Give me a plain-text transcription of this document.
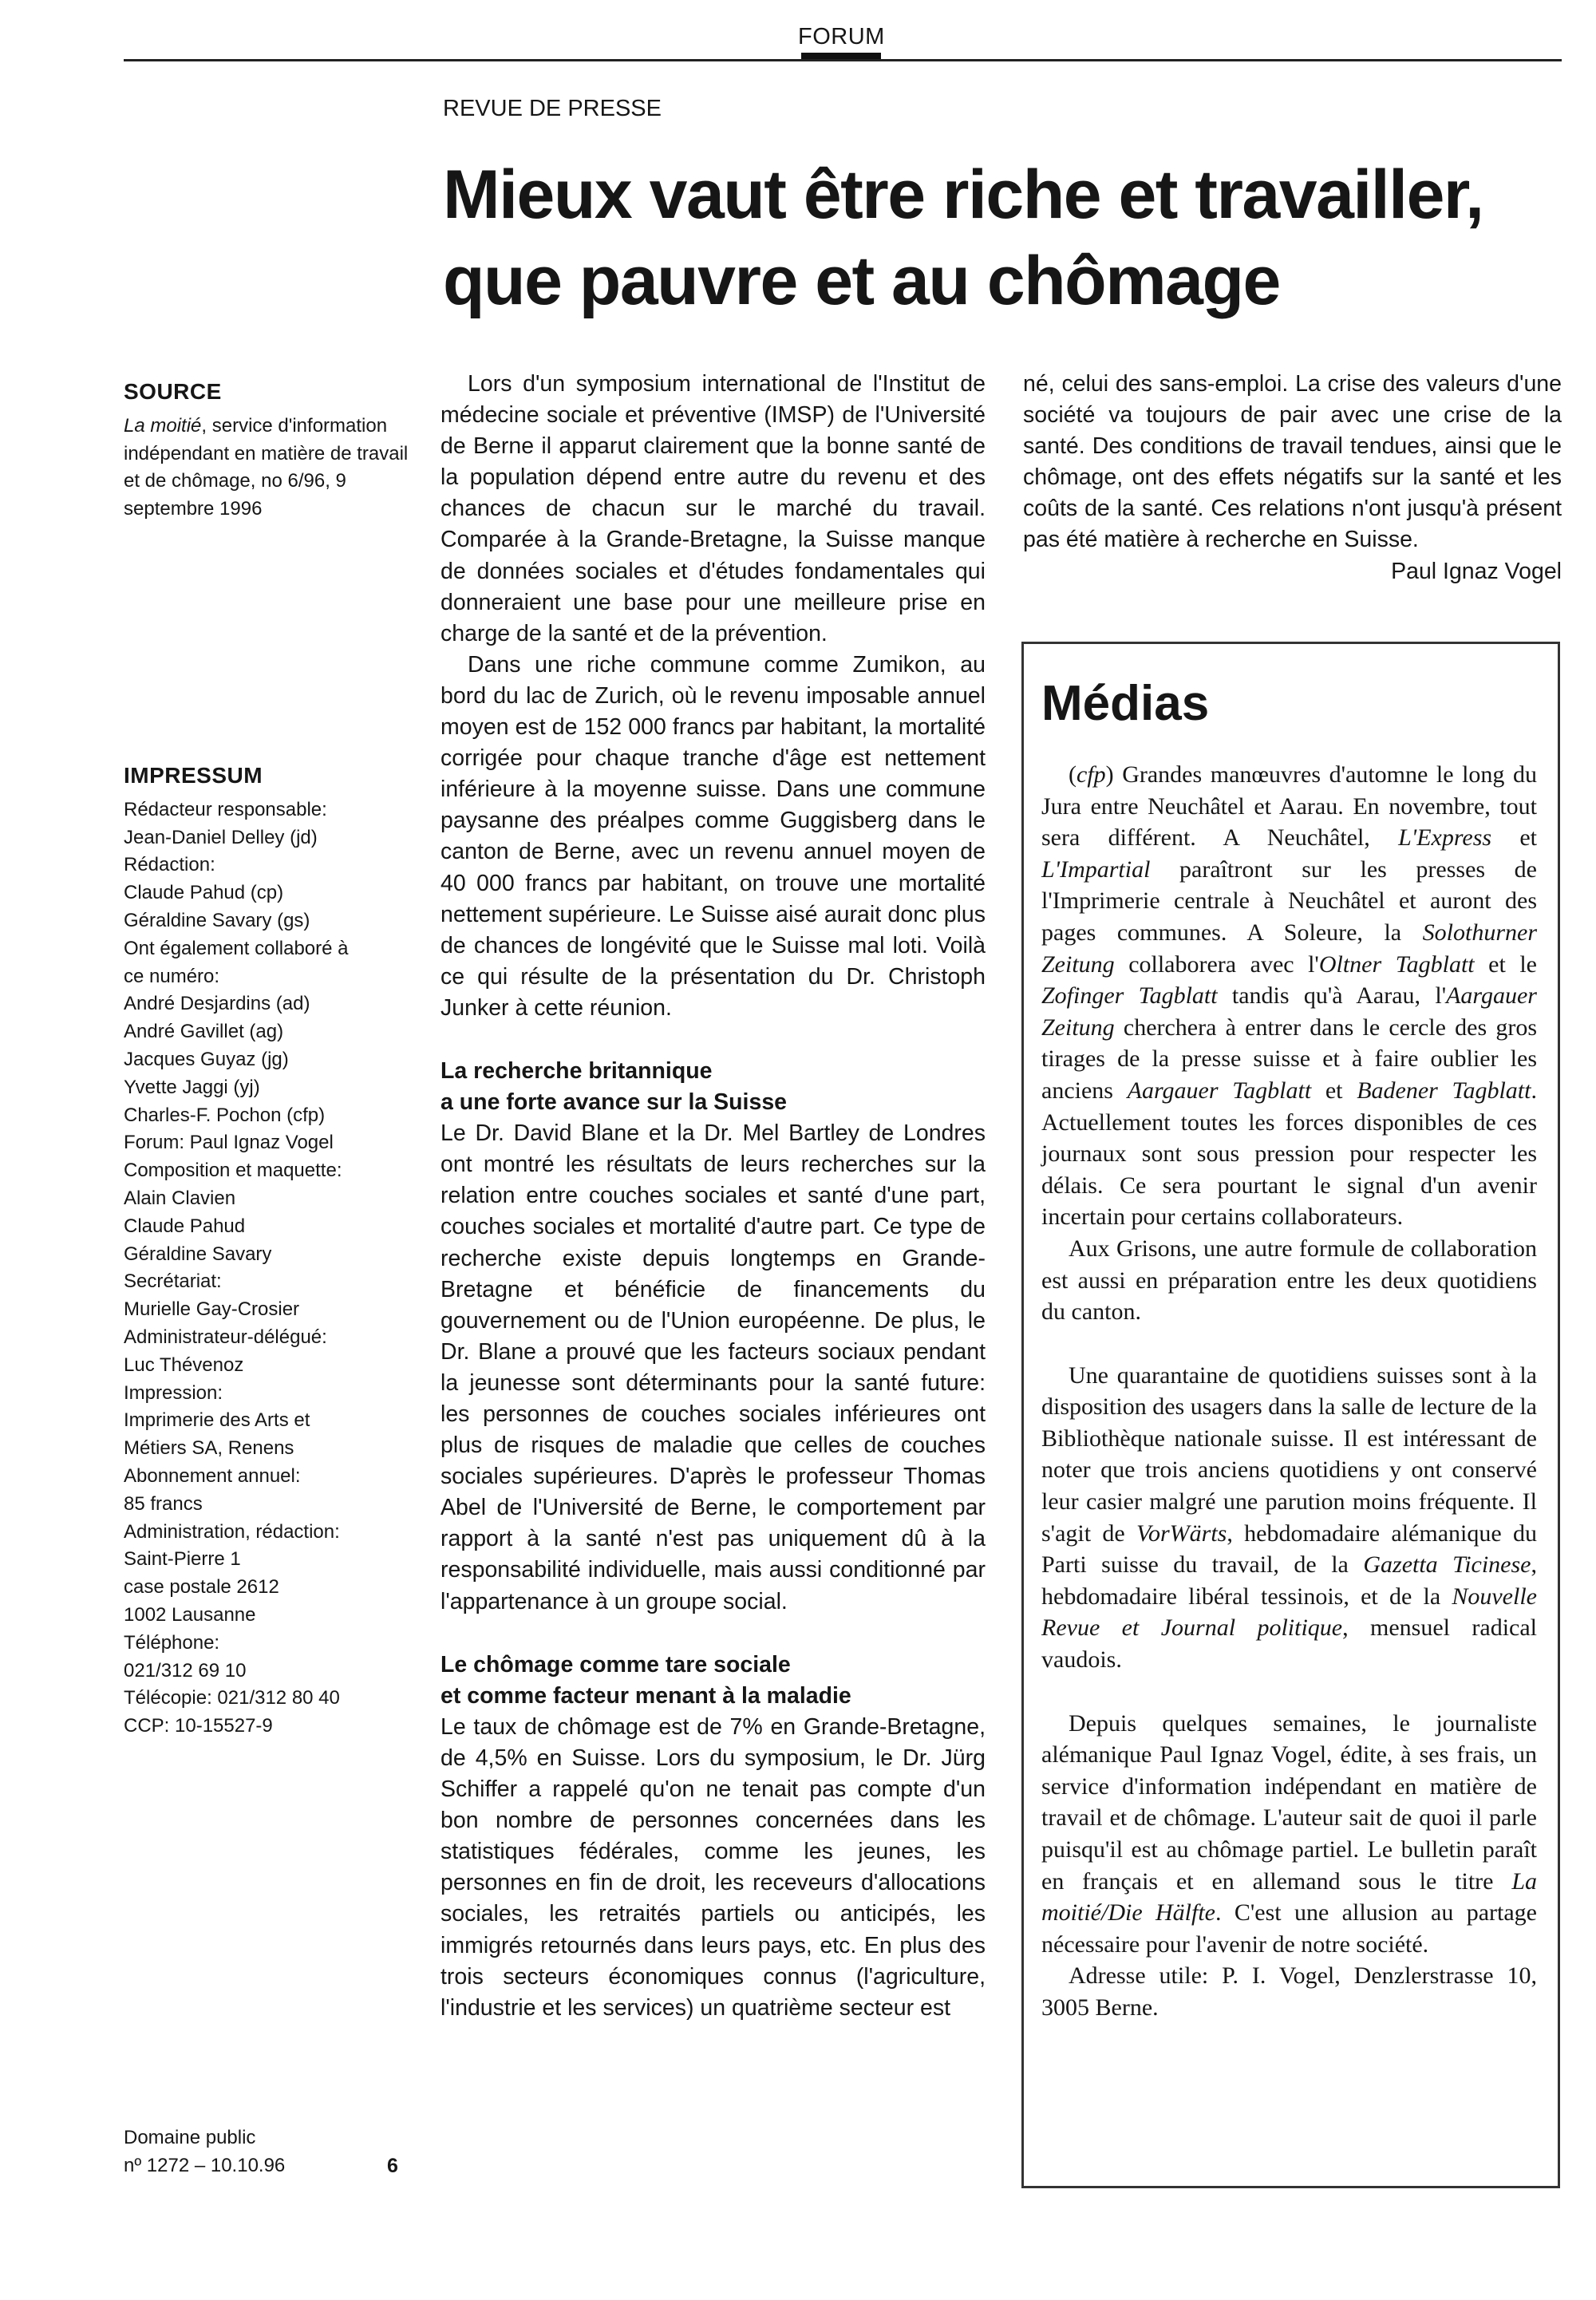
FORUM
REVUE DE PRESSE
Mieux vaut être riche et travailler,
que pauvre et au chômage
SOURCE

La moitié, service d'information indépendant en matière de travail et de chômage, no 6/96, 9 septembre 1996

IMPRESSUM
Rédacteur responsable:
Jean-Daniel Delley (jd)
Rédaction:
Claude Pahud (cp)
Géraldine Savary (gs)
Ont également collaboré à
ce numéro:
André Desjardins (ad)
André Gavillet (ag)
Jacques Guyaz (jg)
Yvette Jaggi (yj)
Charles-F. Pochon (cfp)
Forum: Paul Ignaz Vogel
Composition et maquette:
Alain Clavien
Claude Pahud
Géraldine Savary
Secrétariat:
Murielle Gay-Crosier
Administrateur-délégué:
Luc Thévenoz
Impression:
Imprimerie des Arts et
Métiers SA, Renens
Abonnement annuel:
85 francs
Administration, rédaction:
Saint-Pierre 1
case postale 2612
1002 Lausanne
Téléphone:
021/312 69 10
Télécopie: 021/312 80 40
CCP: 10-15527-9
Domaine public
nº 1272 – 10.10.96	6

Lors d'un symposium international de l'Institut de médecine sociale et préventive (IMSP) de l'Université de Berne il apparut clairement que la bonne santé de la population dépend entre autre du revenu et des chances de chacun sur le marché du travail. Comparée à la Grande-Bretagne, la Suisse manque de données sociales et d'études fondamentales qui donneraient une base pour une meilleure prise en charge de la santé et de la prévention.

Dans une riche commune comme Zumikon, au bord du lac de Zurich, où le revenu imposable annuel moyen est de 152 000 francs par habitant, la mortalité corrigée pour chaque tranche d'âge est nettement inférieure à la moyenne suisse. Dans une commune paysanne des préalpes comme Guggisberg dans le canton de Berne, avec un revenu annuel moyen de 40 000 francs par habitant, on trouve une mortalité nettement supérieure. Le Suisse aisé aurait donc plus de chances de longévité que le Suisse mal loti. Voilà ce qui résulte de la présentation du Dr. Christoph Junker à cette réunion.

La recherche britannique
a une forte avance sur la Suisse

Le Dr. David Blane et la Dr. Mel Bartley de Londres ont montré les résultats de leurs recherches sur la relation entre couches sociales et santé d'une part, couches sociales et mortalité d'autre part. Ce type de recherche existe depuis longtemps en Grande-Bretagne et bénéficie de financements du gouvernement ou de l'Union européenne. De plus, le Dr. Blane a prouvé que les facteurs sociaux pendant la jeunesse sont déterminants pour la santé future: les personnes de couches sociales inférieures ont plus de risques de maladie que celles de couches sociales supérieures. D'après le professeur Thomas Abel de l'Université de Berne, le comportement par rapport à la santé n'est pas uniquement dû à la responsabilité individuelle, mais aussi conditionné par l'appartenance à un groupe social.

Le chômage comme tare sociale
et comme facteur menant à la maladie

Le taux de chômage est de 7% en Grande-Bretagne, de 4,5% en Suisse. Lors du symposium, le Dr. Jürg Schiffer a rappelé qu'on ne tenait pas compte d'un bon nombre de personnes concernées dans les statistiques fédérales, comme les jeunes, les personnes en fin de droit, les receveurs d'allocations sociales, les retraités partiels ou anticipés, les immigrés retournés dans leurs pays, etc. En plus des trois secteurs économiques connus (l'agriculture, l'industrie et les services) un quatrième secteur est

né, celui des sans-emploi. La crise des valeurs d'une société va toujours de pair avec une crise de la santé. Des conditions de travail tendues, ainsi que le chômage, ont des effets négatifs sur la santé et les coûts de la santé. Ces relations n'ont jusqu'à présent pas été matière à recherche en Suisse.

Paul Ignaz Vogel

Médias

(cfp) Grandes manœuvres d'automne le long du Jura entre Neuchâtel et Aarau. En novembre, tout sera différent. A Neuchâtel, L'Express et L'Impartial paraîtront sur les presses de l'Imprimerie centrale à Neuchâtel et auront des pages communes. A Soleure, la Solothurner Zeitung collaborera avec l'Oltner Tagblatt et le Zofinger Tagblatt tandis qu'à Aarau, l'Aargauer Zeitung cherchera à entrer dans le cercle des gros tirages de la presse suisse et à faire oublier les anciens Aargauer Tagblatt et Badener Tagblatt. Actuellement toutes les forces disponibles de ces journaux sont sous pression pour respecter les délais. Ce sera pourtant le signal d'un avenir incertain pour certains collaborateurs.

Aux Grisons, une autre formule de collaboration est aussi en préparation entre les deux quotidiens du canton.

Une quarantaine de quotidiens suisses sont à la disposition des usagers dans la salle de lecture de la Bibliothèque nationale suisse. Il est intéressant de noter que trois anciens quotidiens y ont conservé leur casier malgré une parution moins fréquente. Il s'agit de VorWärts, hebdomadaire alémanique du Parti suisse du travail, de la Gazetta Ticinese, hebdomadaire libéral tessinois, et de la Nouvelle Revue et Journal politique, mensuel radical vaudois.

Depuis quelques semaines, le journaliste alémanique Paul Ignaz Vogel, édite, à ses frais, un service d'information indépendant en matière de travail et de chômage. L'auteur sait de quoi il parle puisqu'il est au chômage partiel. Le bulletin paraît en français et en allemand sous le titre La moitié/Die Hälfte. C'est une allusion au partage nécessaire pour l'avenir de notre société.

Adresse utile: P. I. Vogel, Denzlerstrasse 10, 3005 Berne.
